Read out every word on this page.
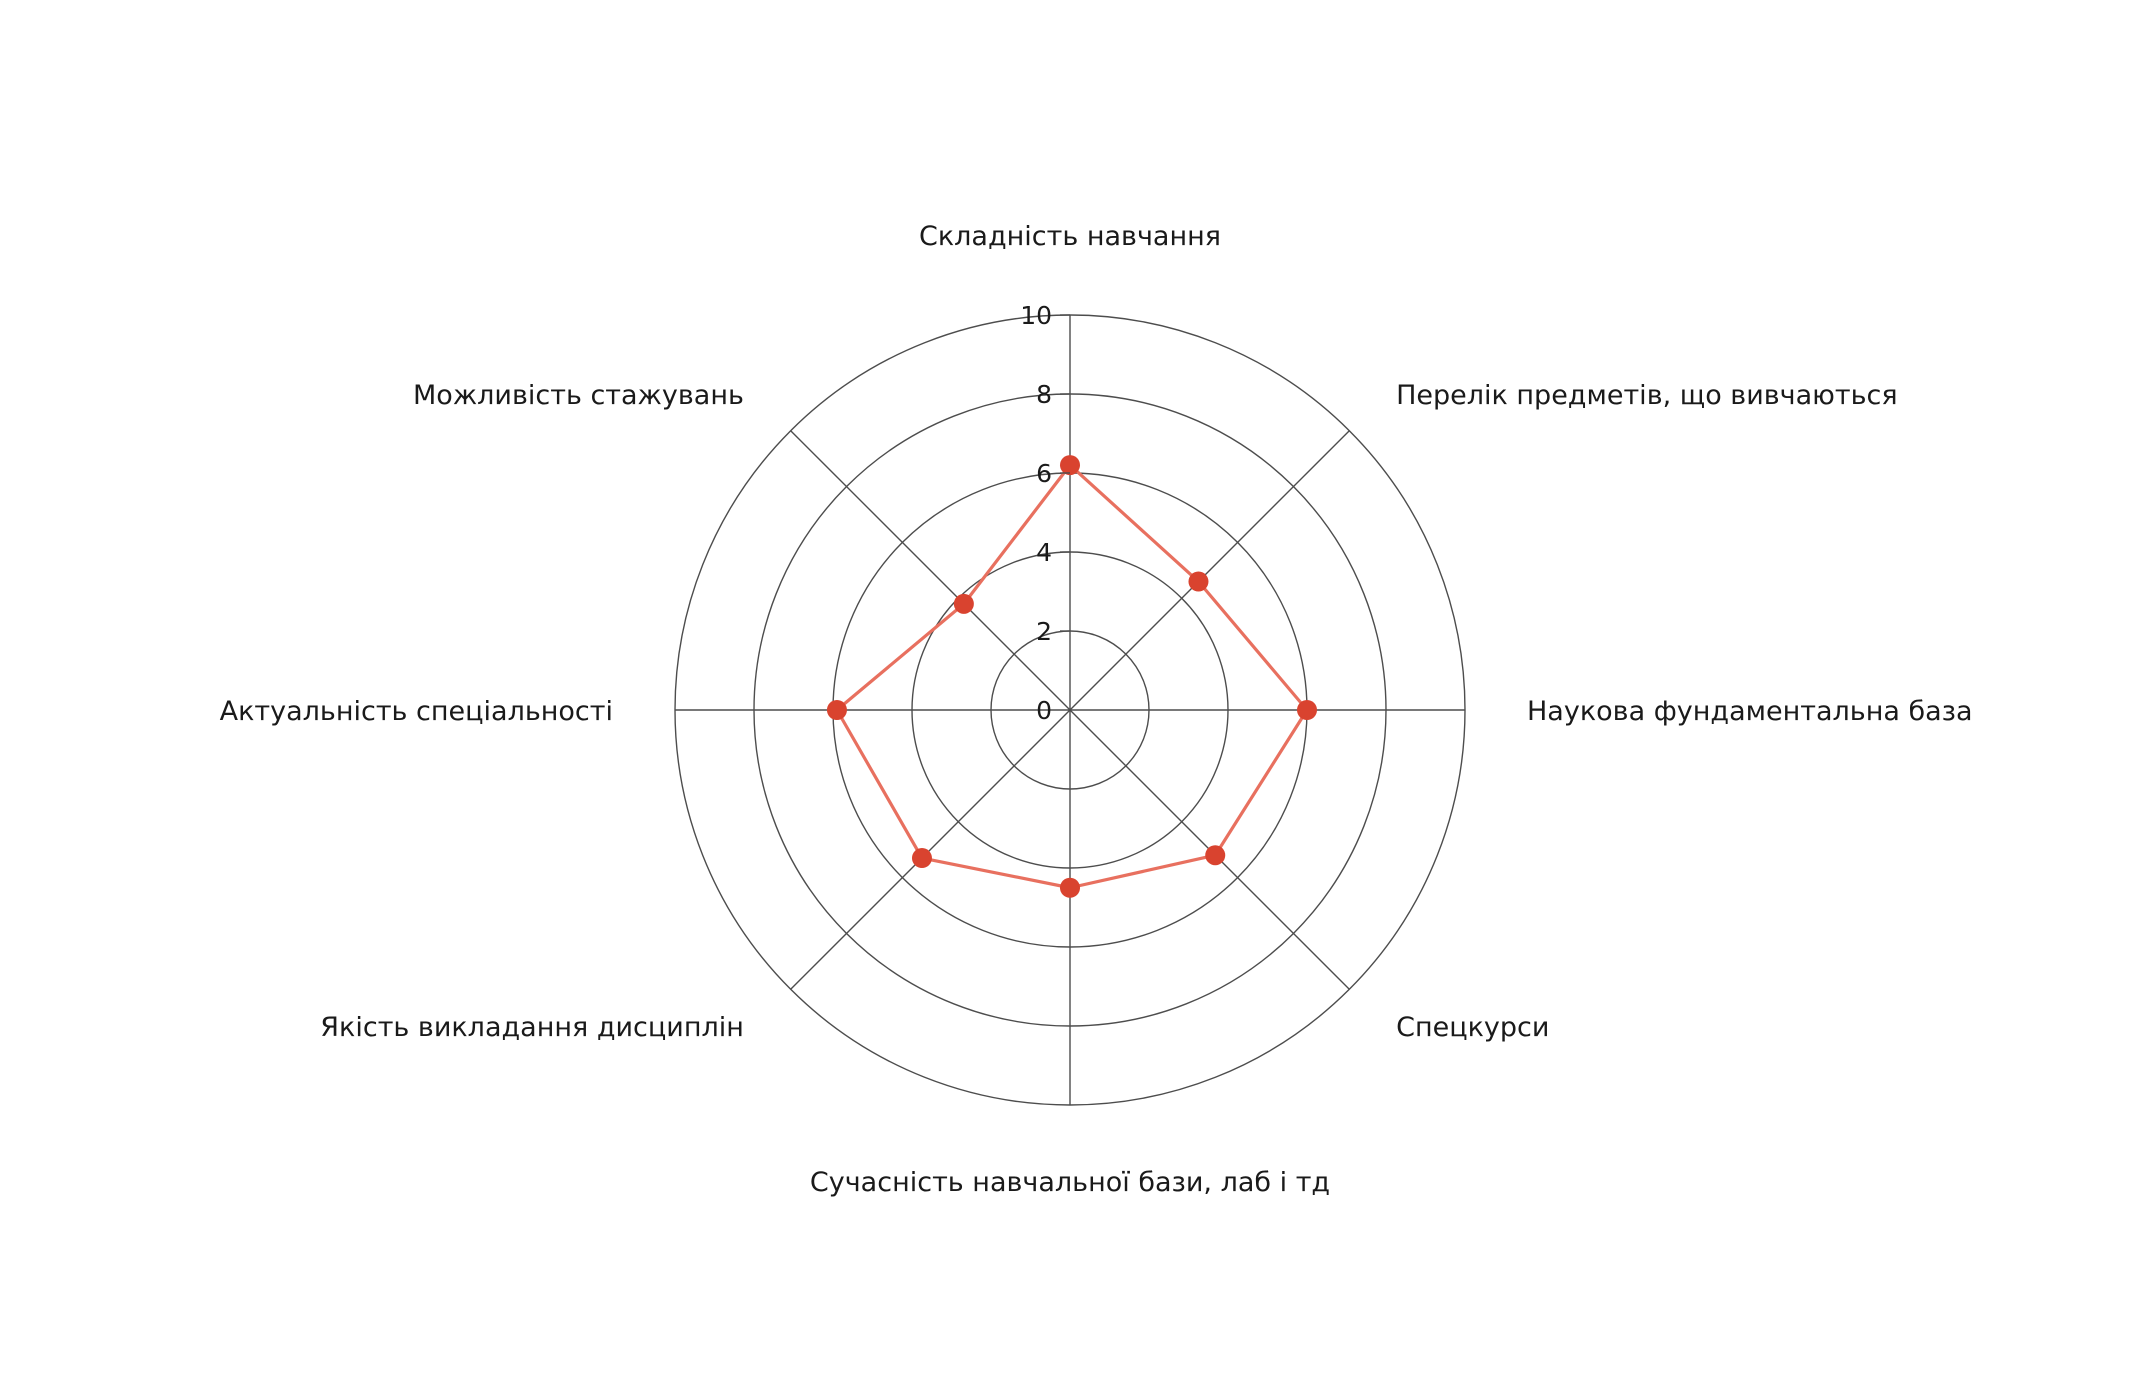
0
2
4
6
8
10
Складність навчання
Перелік предметів, що вивчаються
Наукова фундаментальна база
Спецкурси
Сучасність навчальної бази, лаб і тд
Якість викладання дисциплін
Актуальність спеціальності
Можливість стажувань
